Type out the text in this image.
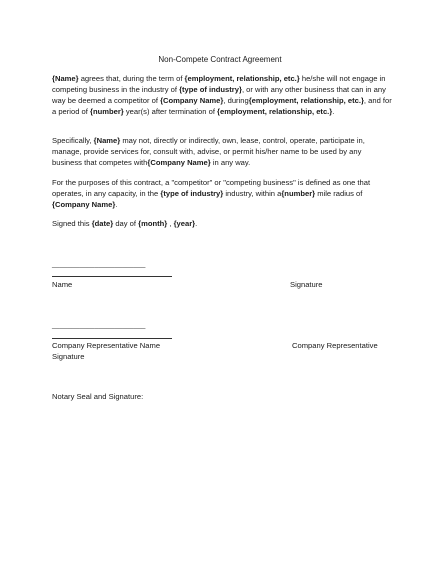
Non-Compete Contract Agreement
{Name} agrees that, during the term of {employment, relationship, etc.} he/she will not engage in competing business in the industry of {type of industry}, or with any other business that can in any way be deemed a competitor of {Company Name}, during{employment, relationship, etc.}, and for a period of {number} year(s) after termination of {employment, relationship, etc.}.
Specifically, {Name} may not, directly or indirectly, own, lease, control, operate, participate in, manage, provide services for, consult with, advise, or permit his/her name to be used by any business that competes with{Company Name} in any way.
For the purposes of this contract, a "competitor" or "competing business" is defined as one that operates, in any capacity, in the {type of industry} industry, within a{number} mile radius of {Company Name}.
Signed this {date} day of {month} , {year}.
________________________
Name	Signature
________________________
Company Representative Name
Signature
Company Representative
Notary Seal and Signature:
